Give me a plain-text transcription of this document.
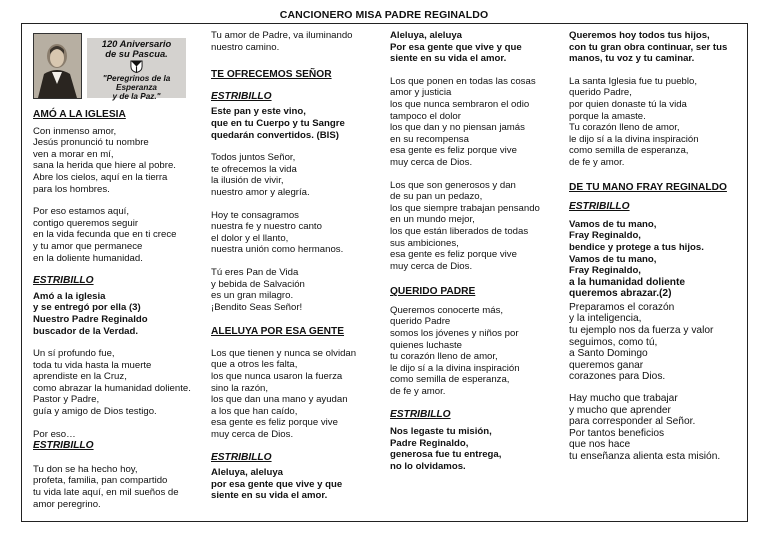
CANCIONERO MISA PADRE REGINALDO
120 Aniversario
de su Pascua.
"Peregrinos de la Esperanza
y de la Paz."
AMÓ A LA IGLESIA

Con inmenso amor,
Jesús pronunció tu nombre
ven a morar en mí,
sana la herida que hiere al pobre.
Abre los cielos, aquí en la tierra
para los hombres.

Por eso estamos aquí,
contigo queremos seguir
en la vida fecunda que en ti crece
y tu amor que permanece
en la doliente humanidad.

ESTRIBILLO

Amó a la iglesia
y se entregó por ella (3)
Nuestro Padre Reginaldo
buscador de la Verdad.

Un sí profundo fue,
toda tu vida hasta la muerte
aprendiste en la Cruz,
como abrazar la humanidad doliente.
Pastor y Padre,
guía y amigo de Dios testigo.

Por eso…

ESTRIBILLO

Tu don se ha hecho hoy,
profeta, familia, pan compartido
tu vida late aquí, en mil sueños de
amor peregrino.

Tu amor de Padre, va iluminando
nuestro camino.

TE OFRECEMOS SEÑOR
ESTRIBILLO

Este pan y este vino,
que en tu Cuerpo y tu Sangre
quedarán convertidos. (BIS)

Todos juntos Señor,
te ofrecemos la vida
la ilusión de vivir,
nuestro amor y alegría.

Hoy te consagramos
nuestra fe y nuestro canto
el dolor y el llanto,
nuestra unión como hermanos.

Tú eres Pan de Vida
y bebida de Salvación
es un gran milagro.
¡Bendito Seas Señor!

ALELUYA POR ESA GENTE

Los que tienen y nunca se olvidan
que a otros les falta,
los que nunca usaron la fuerza
sino la razón,
los que dan una mano y ayudan
a los que han caído,
esa gente es feliz porque vive
muy cerca de Dios.

ESTRIBILLO

Aleluya, aleluya
por esa gente que vive y que
siente en su vida el amor.

Aleluya, aleluya
Por esa gente que vive y que
siente en su vida el amor.

Los que ponen en todas las cosas
amor y justicia
los que nunca sembraron el odio
tampoco el dolor
los que dan y no piensan jamás
en su recompensa
esa gente es feliz porque vive
muy cerca de Dios.

Los que son generosos y dan
de su pan un pedazo,
los que siempre trabajan pensando
en un mundo mejor,
los que están liberados de todas
sus ambiciones,
esa gente es feliz porque vive
muy cerca de Dios.

QUERIDO PADRE

Queremos conocerte más,
querido Padre
somos los jóvenes y niños por
quienes luchaste
tu corazón lleno de amor,
le dijo sí a la divina inspiración
como semilla de esperanza,
de fe y amor.

ESTRIBILLO

Nos legaste tu misión,
Padre Reginaldo,
generosa fue tu entrega,
no lo olvidamos.

Queremos hoy todos tus hijos,
con tu gran obra continuar, ser tus
manos, tu voz y tu caminar.

La santa Iglesia fue tu pueblo,
querido Padre,
por quien donaste tú la vida
porque la amaste.
Tu corazón lleno de amor,
le dijo sí a la divina inspiración
como semilla de esperanza,
de fe y amor.

DE TU MANO FRAY REGINALDO
ESTRIBILLO

Vamos de tu mano,
Fray Reginaldo,
bendice y protege a tus hijos.
Vamos de tu mano,
Fray Reginaldo,

a la humanidad doliente
queremos abrazar.(2)

Preparamos el corazón
y la inteligencia,
tu ejemplo nos da fuerza y valor
seguimos, como tú,
a Santo Domingo
queremos ganar
corazones para Dios.

Hay mucho que trabajar
y mucho que aprender
para corresponder al Señor.
Por tantos beneficios
que nos hace
tu enseñanza alienta esta misión.
